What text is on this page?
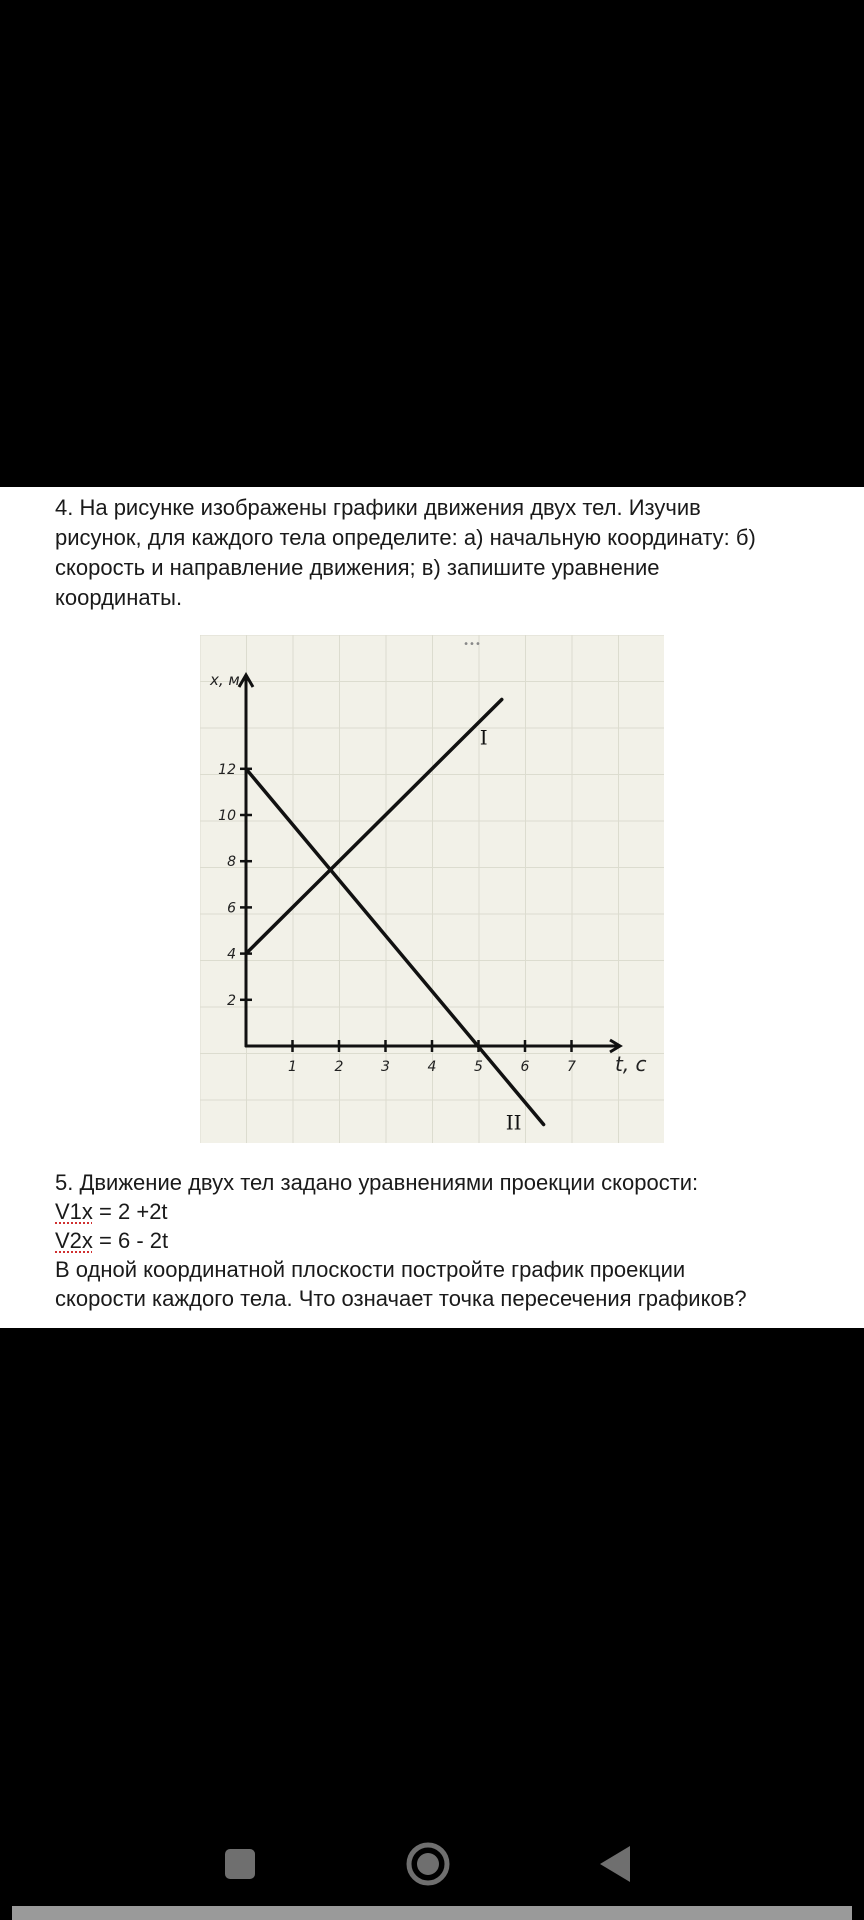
4. На рисунке изображены графики движения двух тел. Изучив

рисунок, для каждого тела определите: а) начальную координату: б)

скорость и направление движения; в) запишите уравнение

координаты.

•••
1	2	3	4	5	6	7
2
4
6
8
10
12
x, м
t, c
I
II

5. Движение двух тел задано уравнениями проекции скорости:

V1x = 2 +2t

V2x = 6 - 2t

В одной координатной плоскости постройте график проекции

скорости каждого тела. Что означает точка пересечения графиков?
